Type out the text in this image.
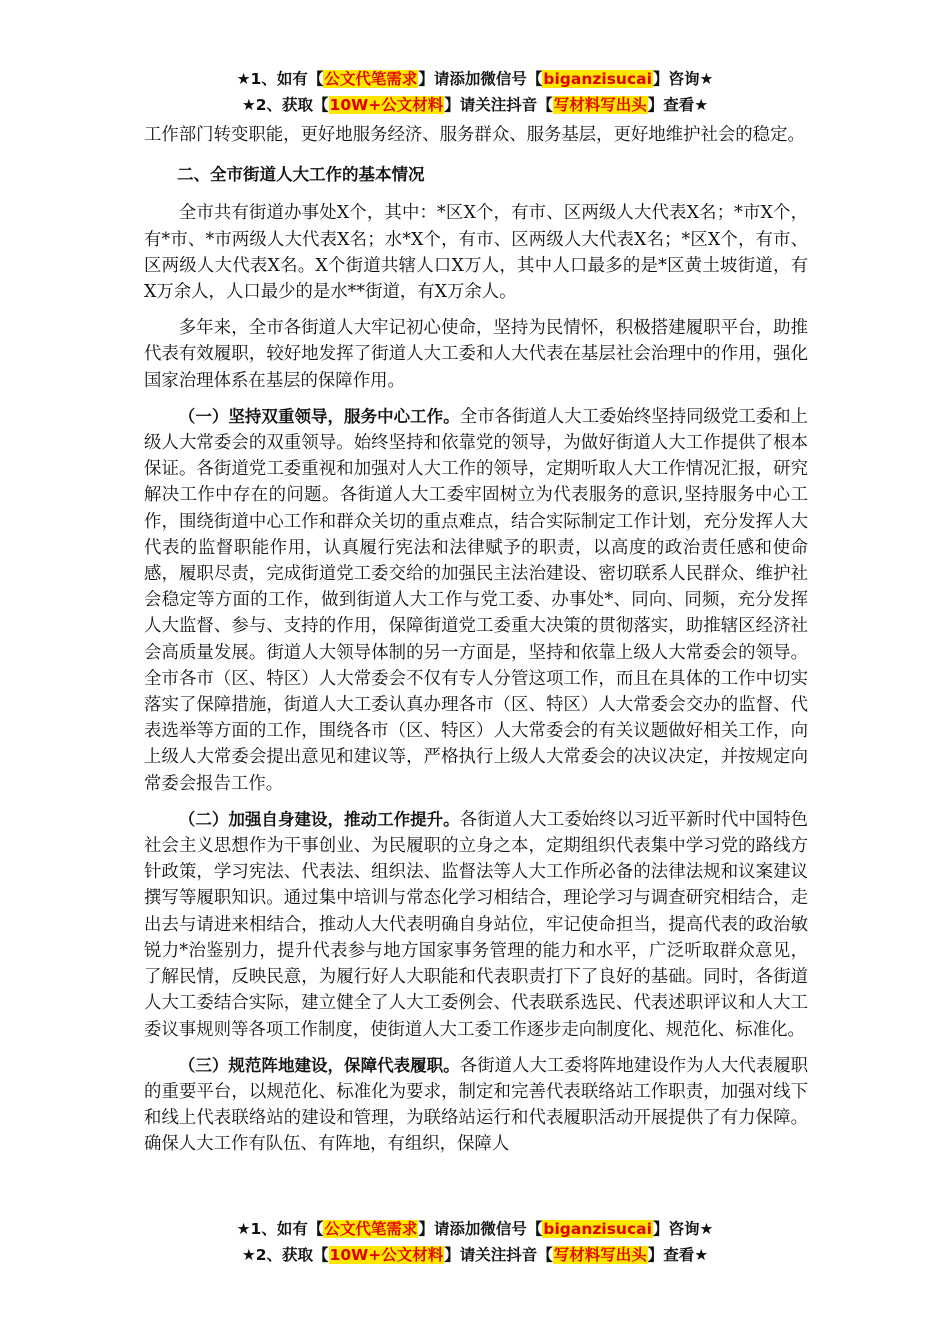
★1、如有【公文代笔需求】请添加微信号【biganzisucai】咨询★
★2、获取【10W+公文材料】请关注抖音【写材料写出头】查看★

工作部门转变职能，更好地服务经济、服务群众、服务基层，更好地维护社会的稳定。

二、全市街道人大工作的基本情况

全市共有街道办事处X个，其中：*区X个，有市、区两级人大代表X名；*市X个，有*市、*市两级人大代表X名；水*X个，有市、区两级人大代表X名；*区X个，有市、区两级人大代表X名。X个街道共辖人口X万人，其中人口最多的是*区黄土坡街道，有X万余人，人口最少的是水**街道，有X万余人。

多年来，全市各街道人大牢记初心使命，坚持为民情怀，积极搭建履职平台，助推代表有效履职，较好地发挥了街道人大工委和人大代表在基层社会治理中的作用，强化国家治理体系在基层的保障作用。

（一）坚持双重领导，服务中心工作。全市各街道人大工委始终坚持同级党工委和上级人大常委会的双重领导。始终坚持和依靠党的领导，为做好街道人大工作提供了根本保证。各街道党工委重视和加强对人大工作的领导，定期听取人大工作情况汇报，研究解决工作中存在的问题。各街道人大工委牢固树立为代表服务的意识,坚持服务中心工作，围绕街道中心工作和群众关切的重点难点，结合实际制定工作计划，充分发挥人大代表的监督职能作用，认真履行宪法和法律赋予的职责，以高度的政治责任感和使命感，履职尽责，完成街道党工委交给的加强民主法治建设、密切联系人民群众、维护社会稳定等方面的工作，做到街道人大工作与党工委、办事处*、同向、同频，充分发挥人大监督、参与、支持的作用，保障街道党工委重大决策的贯彻落实，助推辖区经济社会高质量发展。街道人大领导体制的另一方面是，坚持和依靠上级人大常委会的领导。全市各市（区、特区）人大常委会不仅有专人分管这项工作，而且在具体的工作中切实落实了保障措施，街道人大工委认真办理各市（区、特区）人大常委会交办的监督、代表选举等方面的工作，围绕各市（区、特区）人大常委会的有关议题做好相关工作，向上级人大常委会提出意见和建议等，严格执行上级人大常委会的决议决定，并按规定向常委会报告工作。

（二）加强自身建设，推动工作提升。各街道人大工委始终以习近平新时代中国特色社会主义思想作为干事创业、为民履职的立身之本，定期组织代表集中学习党的路线方针政策，学习宪法、代表法、组织法、监督法等人大工作所必备的法律法规和议案建议撰写等履职知识。通过集中培训与常态化学习相结合，理论学习与调查研究相结合，走出去与请进来相结合，推动人大代表明确自身站位，牢记使命担当，提高代表的政治敏锐力*治鉴别力，提升代表参与地方国家事务管理的能力和水平，广泛听取群众意见，了解民情，反映民意，为履行好人大职能和代表职责打下了良好的基础。同时，各街道人大工委结合实际，建立健全了人大工委例会、代表联系选民、代表述职评议和人大工委议事规则等各项工作制度，使街道人大工委工作逐步走向制度化、规范化、标准化。

（三）规范阵地建设，保障代表履职。各街道人大工委将阵地建设作为人大代表履职的重要平台，以规范化、标准化为要求，制定和完善代表联络站工作职责，加强对线下和线上代表联络站的建设和管理，为联络站运行和代表履职活动开展提供了有力保障。确保人大工作有队伍、有阵地，有组织，保障人

★1、如有【公文代笔需求】请添加微信号【biganzisucai】咨询★
★2、获取【10W+公文材料】请关注抖音【写材料写出头】查看★
